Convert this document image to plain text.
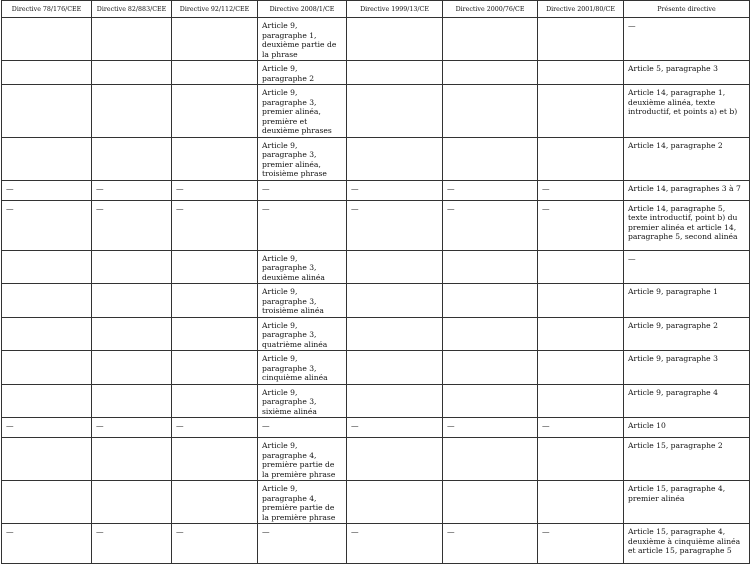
Directive 78/176/CEE	Directive 82/883/CEE	Directive 92/112/CEE	Directive 2008/1/CE	Directive 1999/13/CE	Directive 2000/76/CE	Directive 2001/80/CE	Présente directive
			Article 9, paragraphe 1, deuxième partie de la phrase				—
			Article 9, paragraphe 2				Article 5, paragraphe 3
			Article 9, paragraphe 3, premier alinéa, première et deuxième phrases				Article 14, paragraphe 1, deuxième alinéa, texte introductif, et points a) et b)
			Article 9, paragraphe 3, premier alinéa, troisième phrase				Article 14, paragraphe 2
—	—	—	—	—	—	—	Article 14, paragraphes 3 à 7
—	—	—	—	—	—	—	Article 14, paragraphe 5, texte introductif, point b) du premier alinéa et article 14, paragraphe 5, second alinéa
			Article 9, paragraphe 3, deuxième alinéa				—
			Article 9, paragraphe 3, troisième alinéa				Article 9, paragraphe 1
			Article 9, paragraphe 3, quatrième alinéa				Article 9, paragraphe 2
			Article 9, paragraphe 3, cinquième alinéa				Article 9, paragraphe 3
			Article 9, paragraphe 3, sixième alinéa				Article 9, paragraphe 4
—	—	—	—	—	—	—	Article 10
			Article 9, paragraphe 4, première partie de la première phrase				Article 15, paragraphe 2
			Article 9, paragraphe 4, première partie de la première phrase				Article 15, paragraphe 4, premier alinéa
—	—	—	—	—	—	—	Article 15, paragraphe 4, deuxième à cinquième alinéa et article 15, paragraphe 5
